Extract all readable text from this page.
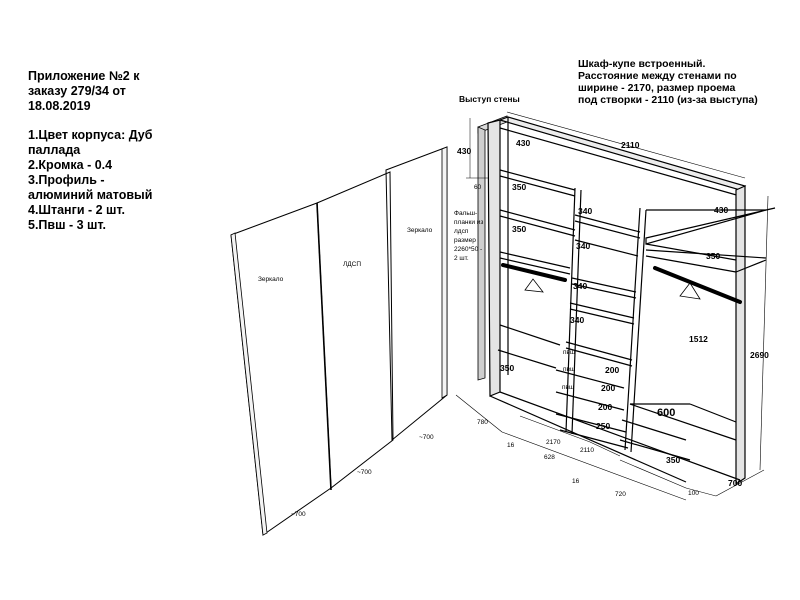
Приложение №2 к

заказу 279/34 от

18.08.2019

1.Цвет корпуса: Дуб

паллада

2.Кромка - 0.4

3.Профиль -

алюминий матовый

4.Штанги - 2 шт.

5.Пвш - 3 шт.

Шкаф-купе встроенный.

Расстояние между стенами по

ширине - 2170, размер проема

под створки - 2110 (из-за выступа)

Зеркало
ЛДСП
Зеркало
~700
~700
~700
Выступ стены
430
60
Фальш-
планки из
лдсп
размер
2260*50 -
2 шт.
430	2110
430
350
350
350
340
340
340
340
350
1512
2690
пвш
пвш
пвш
200
200
200
250
600
350
780
16	2170
628
2110
16
720	100
700
